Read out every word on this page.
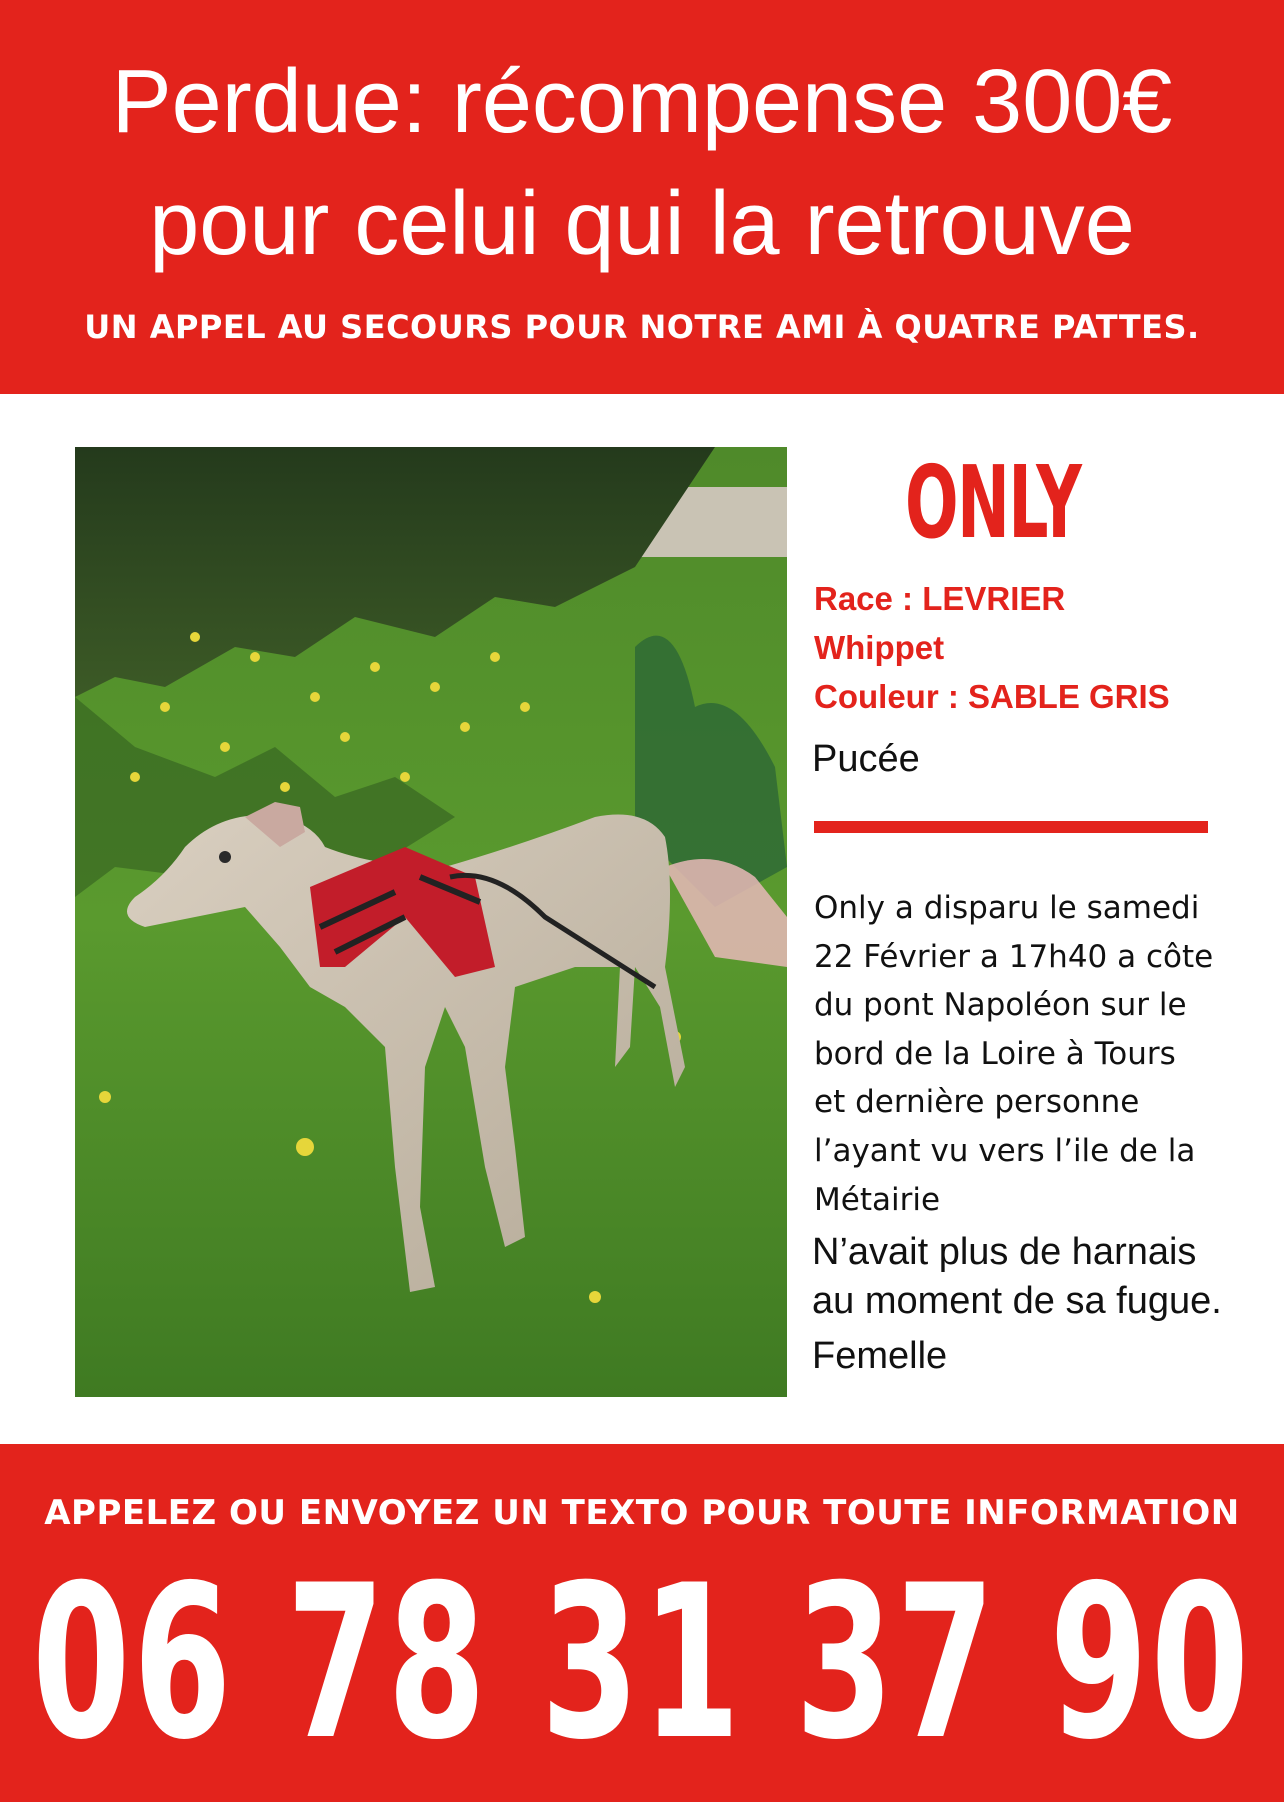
Perdue: récompense 300€
pour celui qui la retrouve
UN APPEL AU SECOURS POUR NOTRE AMI À QUATRE PATTES.
ONLY
Race : LEVRIER
Whippet
Couleur : SABLE GRIS
Pucée
Only a disparu le samedi
22 Février a 17h40 a côte
du pont Napoléon sur le
bord de la Loire à Tours
et dernière personne
l’ayant vu vers l’ile de la
Métairie
N’avait plus de harnais
au moment de sa fugue.
Femelle
APPELEZ OU ENVOYEZ UN TEXTO POUR TOUTE INFORMATION
06 78 31 37 90
